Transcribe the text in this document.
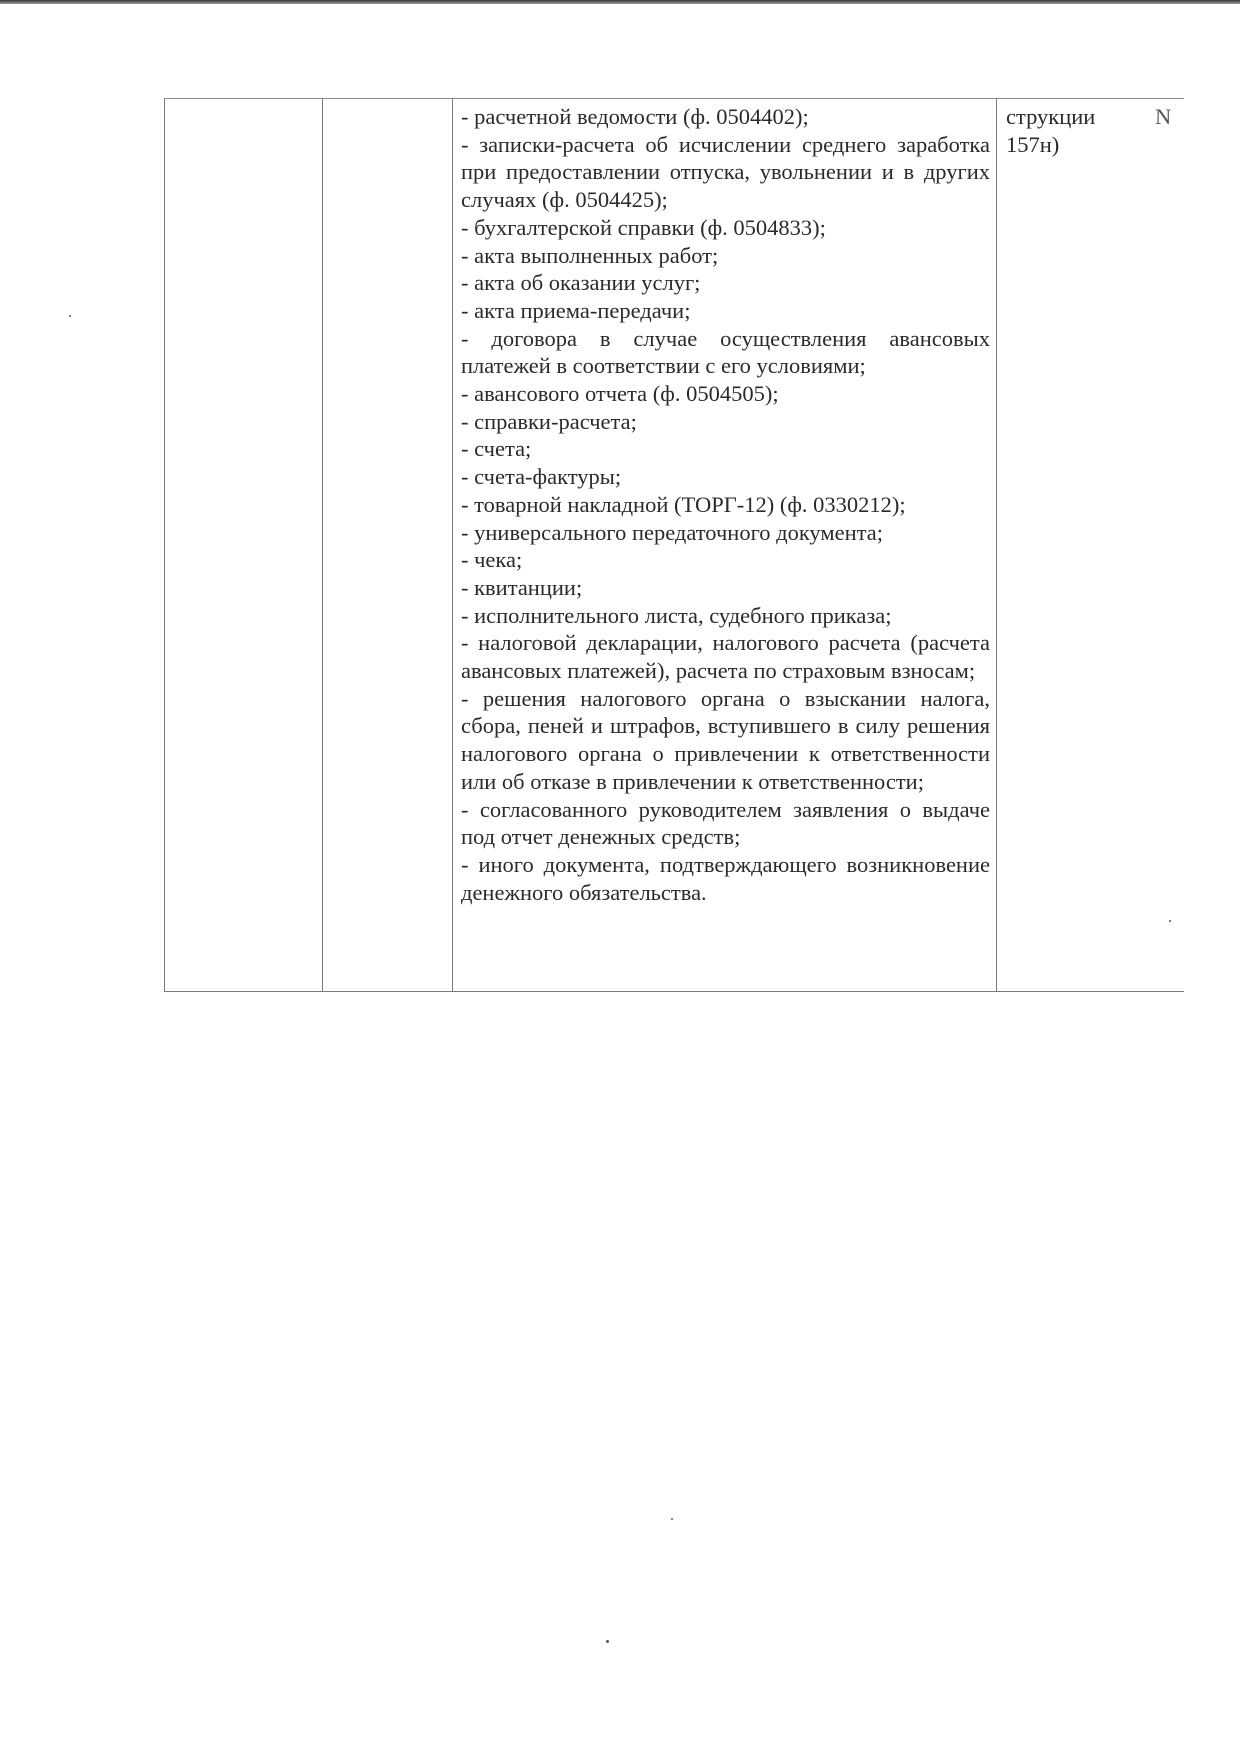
- расчетной ведомости (ф. 0504402);

- записки-расчета об исчислении среднего заработка при предоставлении отпуска, увольнении и в других случаях (ф. 0504425);

- бухгалтерской справки (ф. 0504833);

- акта выполненных работ;

- акта об оказании услуг;

- акта приема-передачи;

- договора в случае осуществления авансовых платежей в соответствии с его условиями;

- авансового отчета (ф. 0504505);

- справки-расчета;

- счета;

- счета-фактуры;

- товарной накладной (ТОРГ-12) (ф. 0330212);

- универсального передаточного документа;

- чека;

- квитанции;

- исполнительного листа, судебного приказа;

- налоговой декларации, налогового расчета (расчета авансовых платежей), расчета по страховым взносам;

- решения налогового органа о взыскании налога, сбора, пеней и штрафов, вступившего в силу решения налогового органа о привлечении к ответственности или об отказе в привлечении к ответственности;

- согласованного руководителем заявления о выдаче под отчет денежных средств;

- иного документа, подтверждающего возникновение денежного обязательства.

струкции
157н)
N
